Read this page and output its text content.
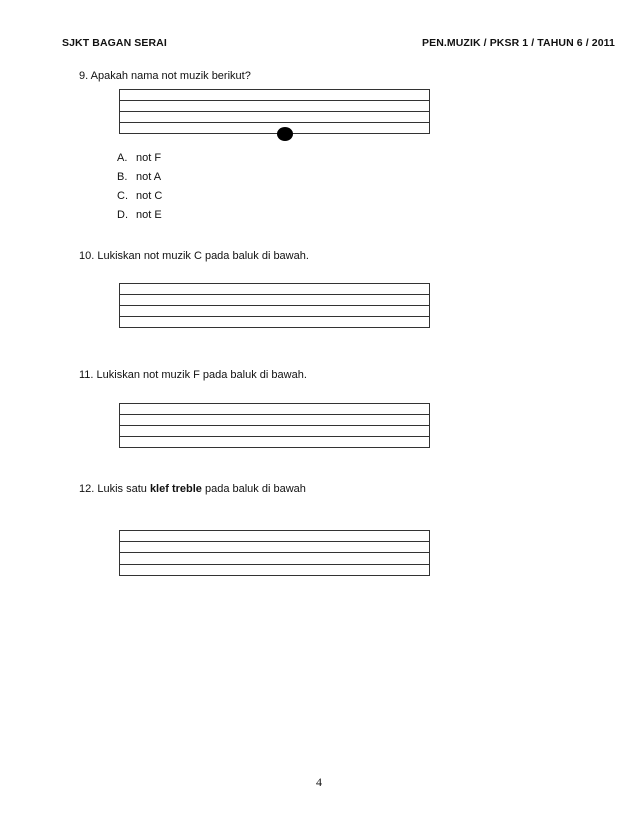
SJKT BAGAN SERAI	PEN.MUZIK / PKSR 1 / TAHUN 6 / 2011
9. Apakah nama not muzik berikut?
A. not F
B. not A
C. not C
D. not E
10. Lukiskan not muzik C pada baluk di bawah.
11. Lukiskan not muzik F pada baluk di bawah.
12. Lukis satu klef treble pada baluk di bawah
4
